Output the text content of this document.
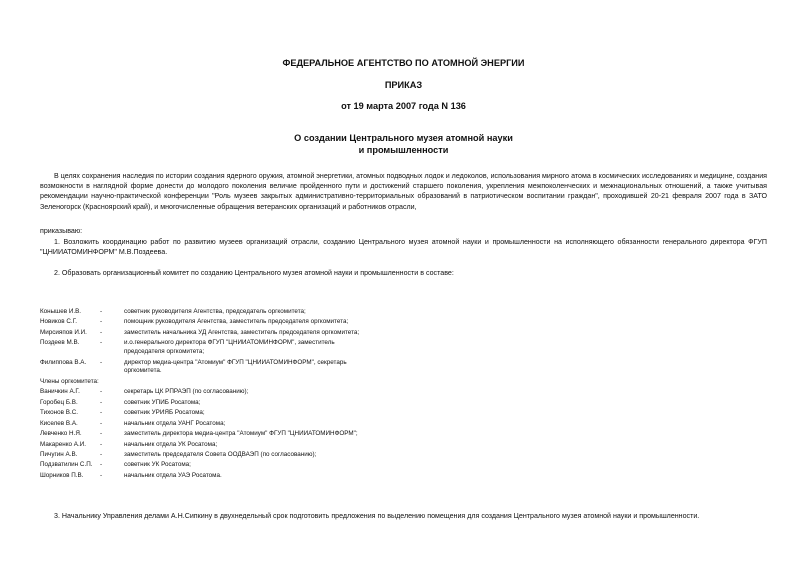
ФЕДЕРАЛЬНОЕ АГЕНТСТВО ПО АТОМНОЙ ЭНЕРГИИ
ПРИКАЗ
от 19 марта 2007 года N 136
О создании Центрального музея атомной науки
и промышленности
В целях сохранения наследия по истории создания ядерного оружия, атомной энергетики, атомных подводных лодок и ледоколов, использования мирного атома в космических исследованиях и медицине, создания возможности в наглядной форме донести до молодого поколения величие пройденного пути и достижений старшего поколения, укрепления межпоколенческих и межнациональных отношений, а также учитывая рекомендации научно-практической конференции "Роль музеев закрытых административно-территориальных образований в патриотическом воспитании граждан", проходившей 20-21 февраля 2007 года в ЗАТО Зеленогорск (Красноярский край), и многочисленные обращения ветеранских организаций и работников отрасли,
приказываю:
1. Возложить координацию работ по развитию музеев организаций отрасли, созданию Центрального музея атомной науки и промышленности на исполняющего обязанности генерального директора ФГУП "ЦНИИАТОМИНФОРМ" М.В.Поздеева.
2. Образовать организационный комитет по созданию Центрального музея атомной науки и промышленности в составе:
Конышев И.В.	-	советник руководителя Агентства, председатель оргкомитета;
Новиков С.Г.	-	помощник руководителя Агентства, заместитель председателя оргкомитета;
Мирсияпов И.И.	-	заместитель начальника УД Агентства, заместитель председателя оргкомитета;
Поздеев М.В.	-	и.о.генерального директора ФГУП "ЦНИИАТОМИНФОРМ", заместитель председателя оргкомитета;
Филиппова В.А.	-	директор медиа-центра "Атомиум" ФГУП "ЦНИИАТОМИНФОРМ", секретарь оргкомитета.
Члены оргкомитета:
Ваничкин А.Г.	-	секретарь ЦК РПРАЭП (по согласованию);
Горобец Б.В.	-	советник УПИБ Росатома;
Тихонов В.С.	-	советник УРИЯБ Росатома;
Киселев В.А.	-	начальник отдела УАНГ Росатома;
Левченко Н.Я.	-	заместитель директора медиа-центра "Атомиум" ФГУП "ЦНИИАТОМИНФОРМ";
Макаренко А.И.	-	начальник отдела УК Росатома;
Пичугин А.В.	-	заместитель председателя Совета ООДВАЭП (по согласованию);
Подзватилин С.П.	-	советник УК Росатома;
Шорников П.В.	-	начальник отдела УАЭ Росатома.
3. Начальнику Управления делами А.Н.Сипкину в двухнедельный срок подготовить предложения по выделению помещения для создания Центрального музея атомной науки и промышленности.
